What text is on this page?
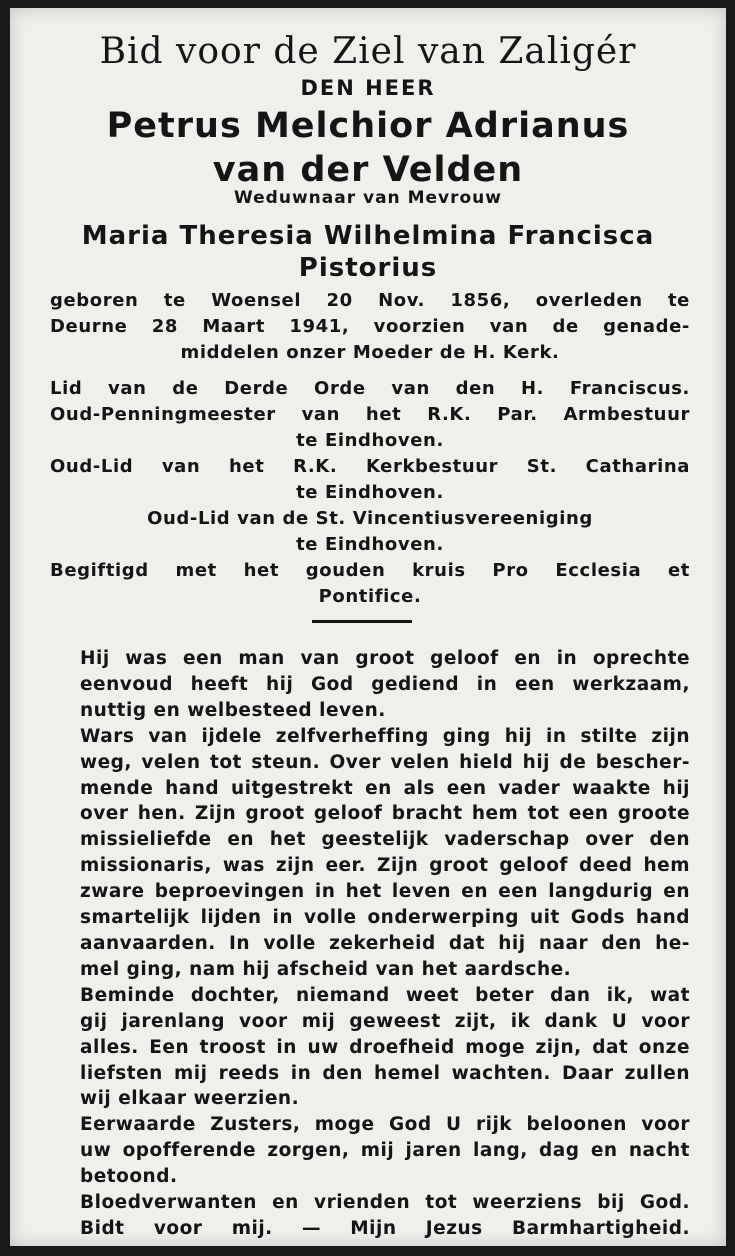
Bid voor de Ziel van Zaligér
DEN HEER
Petrus Melchior Adrianus
van der Velden
Weduwnaar van Mevrouw
Maria Theresia Wilhelmina Francisca
Pistorius
geboren te Woensel 20 Nov. 1856, overleden te
Deurne 28 Maart 1941, voorzien van de genade-
middelen onzer Moeder de H. Kerk.
Lid van de Derde Orde van den H. Franciscus.
Oud-Penningmeester van het R.K. Par. Armbestuur
te Eindhoven.
Oud-Lid van het R.K. Kerkbestuur St. Catharina
te Eindhoven.
Oud-Lid van de St. Vincentiusvereeniging
te Eindhoven.
Begiftigd met het gouden kruis Pro Ecclesia et
Pontifice.
Hij was een man van groot geloof en in oprechte
eenvoud heeft hij God gediend in een werkzaam,
nuttig en welbesteed leven.
Wars van ijdele zelfverheffing ging hij in stilte zijn
weg, velen tot steun. Over velen hield hij de bescher-
mende hand uitgestrekt en als een vader waakte hij
over hen. Zijn groot geloof bracht hem tot een groote
missieliefde en het geestelijk vaderschap over den
missionaris, was zijn eer. Zijn groot geloof deed hem
zware beproevingen in het leven en een langdurig en
smartelijk lijden in volle onderwerping uit Gods hand
aanvaarden. In volle zekerheid dat hij naar den he-
mel ging, nam hij afscheid van het aardsche.
Beminde dochter, niemand weet beter dan ik, wat
gij jarenlang voor mij geweest zijt, ik dank U voor
alles. Een troost in uw droefheid moge zijn, dat onze
liefsten mij reeds in den hemel wachten. Daar zullen
wij elkaar weerzien.
Eerwaarde Zusters, moge God U rijk beloonen voor
uw opofferende zorgen, mij jaren lang, dag en nacht
betoond.
Bloedverwanten en vrienden tot weerziens bij God.
Bidt voor mij. — Mijn Jezus Barmhartigheid.
